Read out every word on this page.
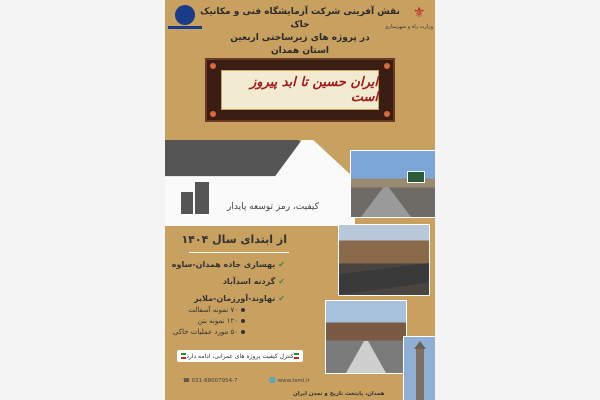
⚜
وزارت راه و شهرسازی
نقش آفرینی شرکت آزمایشگاه فنی و مکانیک خاک
در پروژه های زیرساختی اربعین
استان همدان
ایران حسین تا ابد پیروز است
کیفیت، رمز توسعه پایدار
از ابتدای سال ۱۴۰۴
✔بهسازی جاده همدان-ساوه
✔گردنه اسدآباد
✔نهاوند-آورزمان-ملایر
۷۰ نمونه آسفالت
۱۲۰ نمونه بتن
۵۰ مورد عملیات خاکی
کنترل کیفیت پروژه های عمرانی، ادامه دارد
☎ 031-88007954-7	🌐 www.tsml.ir
همدان، پایتخت تاریخ و تمدن ایران
